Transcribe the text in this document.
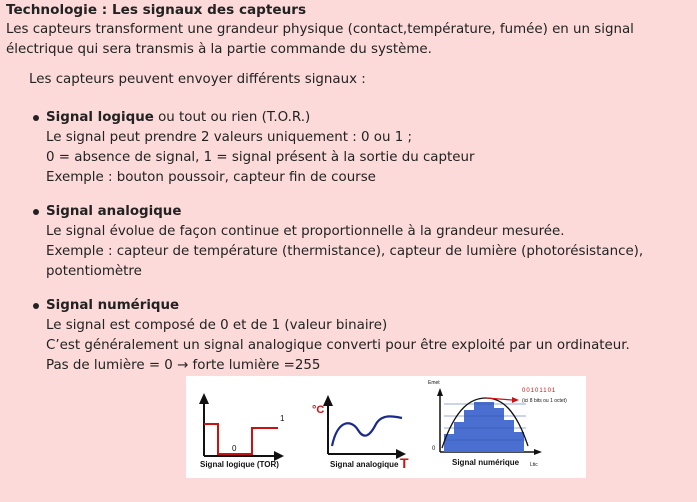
Technologie : Les signaux des capteurs
Les capteurs transforment une grandeur physique (contact,température, fumée) en un signal
électrique qui sera transmis à la partie commande du système.
Les capteurs peuvent envoyer différents signaux :
Signal logique ou tout ou rien (T.O.R.)
Le signal peut prendre 2 valeurs uniquement : 0 ou 1 ;
0 = absence de signal, 1 = signal présent à la sortie du capteur
Exemple : bouton poussoir, capteur fin de course
Signal analogique
Le signal évolue de façon continue et proportionnelle à la grandeur mesurée.
Exemple : capteur de température (thermistance), capteur de lumière (photorésistance),
potentiomètre
Signal numérique
Le signal est composé de 0 et de 1 (valeur binaire)
C’est généralement un signal analogique converti pour être exploité par un ordinateur.
Pas de lumière = 0 → forte lumière =255
1
0
Signal logique (TOR)
°C
Signal analogique T
Emet
00101101
(ici 8 bits ou 1 octet)
0
Signal numérique Ltic
